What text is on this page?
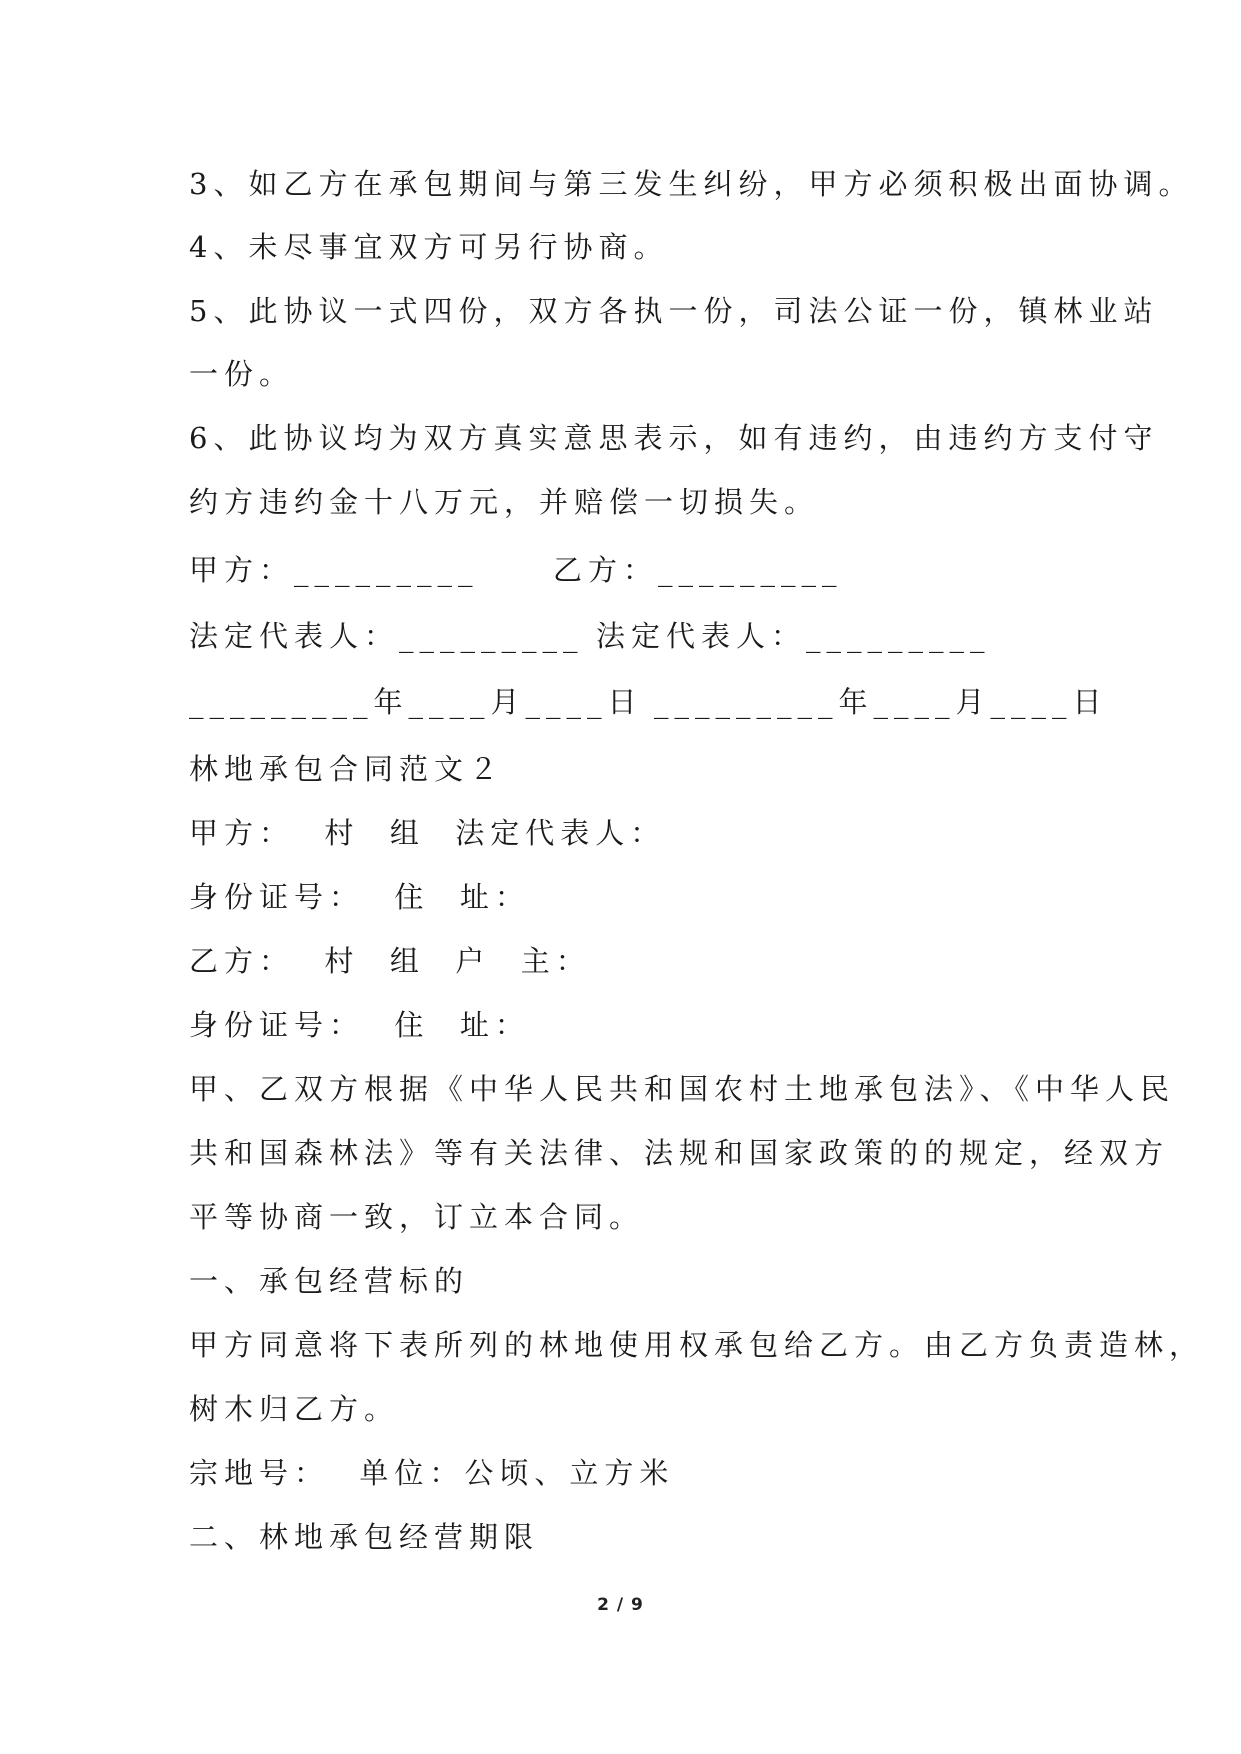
3、如乙方在承包期间与第三发生纠纷，甲方必须积极出面协调。
4、未尽事宜双方可另行协商。
5、此协议一式四份，双方各执一份，司法公证一份，镇林业站
一份。
6、此协议均为双方真实意思表示，如有违约，由违约方支付守
约方违约金十八万元，并赔偿一切损失。
甲方：_________	乙方：_________
法定代表人：_________ 法定代表人：_________
_________年____月____日 _________年____月____日
林地承包合同范文２
甲方：  村  组  法定代表人：
身份证号：  住  址：
乙方：  村  组  户  主：
身份证号：  住  址：
甲、乙双方根据《中华人民共和国农村土地承包法》、《中华人民
共和国森林法》等有关法律、法规和国家政策的的规定，经双方
平等协商一致，订立本合同。
一、承包经营标的
甲方同意将下表所列的林地使用权承包给乙方。由乙方负责造林，
树木归乙方。
宗地号：  单位：公顷、立方米
二、林地承包经营期限
2 / 9
